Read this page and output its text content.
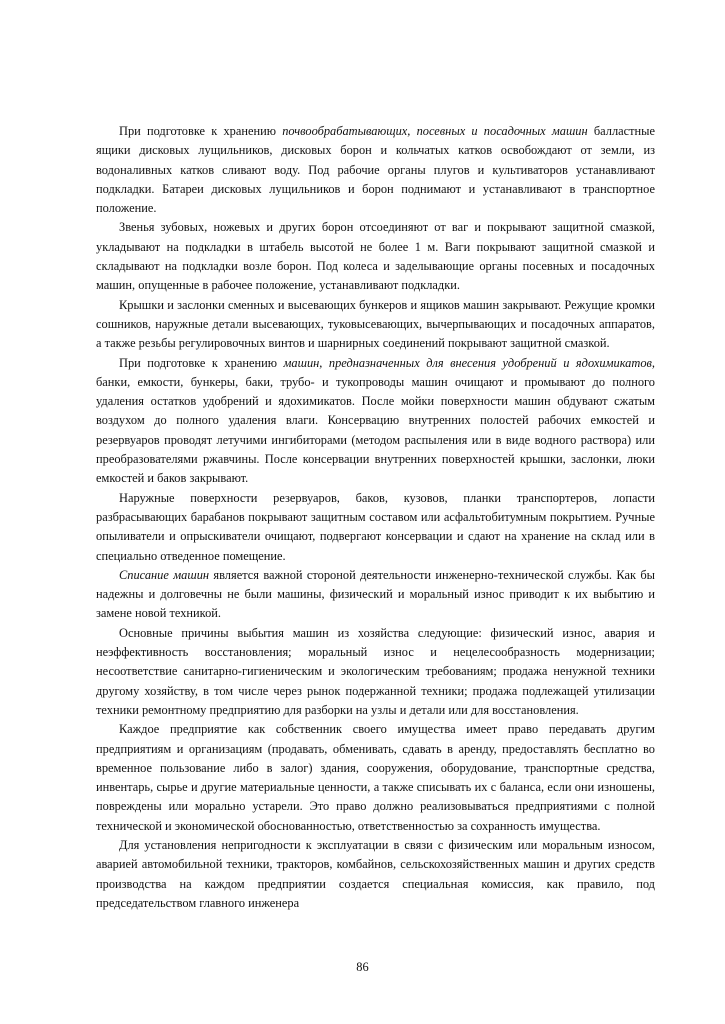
При подготовке к хранению почвообрабатывающих, посевных и посадочных машин балластные ящики дисковых лущильников, дисковых борон и кольчатых катков освобождают от земли, из водоналивных катков сливают воду. Под рабочие органы плугов и культиваторов устанавливают подкладки. Батареи дисковых лущильников и борон поднимают и устанавливают в транспортное положение.

Звенья зубовых, ножевых и других борон отсоединяют от ваг и покрывают защитной смазкой, укладывают на подкладки в штабель высотой не более 1 м. Ваги покрывают защитной смазкой и складывают на подкладки возле борон. Под колеса и заделывающие органы посевных и посадочных машин, опущенные в рабочее положение, устанавливают подкладки.

Крышки и заслонки сменных и высевающих бункеров и ящиков машин закрывают. Режущие кромки сошников, наружные детали высевающих, туковысевающих, вычерпывающих и посадочных аппаратов, а также резьбы регулировочных винтов и шарнирных соединений покрывают защитной смазкой.

При подготовке к хранению машин, предназначенных для внесения удобрений и ядохимикатов, банки, емкости, бункеры, баки, трубо- и тукопроводы машин очищают и промывают до полного удаления остатков удобрений и ядохимикатов. После мойки поверхности машин обдувают сжатым воздухом до полного удаления влаги. Консервацию внутренних полостей рабочих емкостей и резервуаров проводят летучими ингибиторами (методом распыления или в виде водного раствора) или преобразователями ржавчины. После консервации внутренних поверхностей крышки, заслонки, люки емкостей и баков закрывают.

Наружные поверхности резервуаров, баков, кузовов, планки транспортеров, лопасти разбрасывающих барабанов покрывают защитным составом или асфальтобитумным покрытием. Ручные опыливатели и опрыскиватели очищают, подвергают консервации и сдают на хранение на склад или в специально отведенное помещение.

Списание машин является важной стороной деятельности инженерно-технической службы. Как бы надежны и долговечны не были машины, физический и моральный износ приводит к их выбытию и замене новой техникой.

Основные причины выбытия машин из хозяйства следующие: физический износ, авария и неэффективность восстановления; моральный износ и нецелесообразность модернизации; несоответствие санитарно-гигиеническим и экологическим требованиям; продажа ненужной техники другому хозяйству, в том числе через рынок подержанной техники; продажа подлежащей утилизации техники ремонтному предприятию для разборки на узлы и детали или для восстановления.

Каждое предприятие как собственник своего имущества имеет право передавать другим предприятиям и организациям (продавать, обменивать, сдавать в аренду, предоставлять бесплатно во временное пользование либо в залог) здания, сооружения, оборудование, транспортные средства, инвентарь, сырье и другие материальные ценности, а также списывать их с баланса, если они изношены, повреждены или морально устарели. Это право должно реализовываться предприятиями с полной технической и экономической обоснованностью, ответственностью за сохранность имущества.

Для установления непригодности к эксплуатации в связи с физическим или моральным износом, аварией автомобильной техники, тракторов, комбайнов, сельскохозяйственных машин и других средств производства на каждом предприятии создается специальная комиссия, как правило, под председательством главного инженера

86
